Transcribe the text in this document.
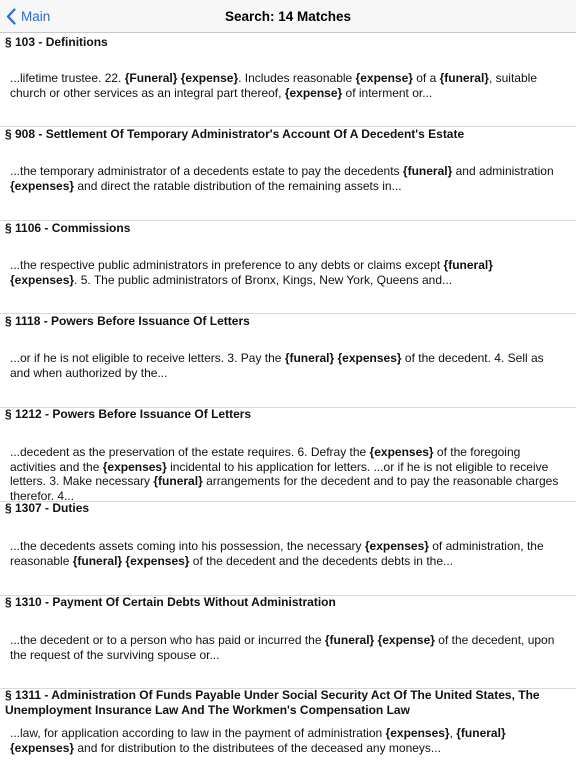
Main	Search: 14 Matches
§ 103 - Definitions
...lifetime trustee. 22. {Funeral} {expense}. Includes reasonable {expense} of a {funeral}, suitable church or other services as an integral part thereof, {expense} of interment or...
§ 908 - Settlement Of Temporary Administrator's Account Of A Decedent's Estate
...the temporary administrator of a decedents estate to pay the decedents {funeral} and administration {expenses} and direct the ratable distribution of the remaining assets in...
§ 1106 - Commissions
...the respective public administrators in preference to any debts or claims except {funeral} {expenses}. 5. The public administrators of Bronx, Kings, New York, Queens and...
§ 1118 - Powers Before Issuance Of Letters
...or if he is not eligible to receive letters. 3. Pay the {funeral} {expenses} of the decedent. 4. Sell as and when authorized by the...
§ 1212 - Powers Before Issuance Of Letters
...decedent as the preservation of the estate requires. 6. Defray the {expenses} of the foregoing activities and the {expenses} incidental to his application for letters. ...or if he is not eligible to receive letters. 3. Make necessary {funeral} arrangements for the decedent and to pay the reasonable charges therefor. 4...
§ 1307 - Duties
...the decedents assets coming into his possession, the necessary {expenses} of administration, the reasonable {funeral} {expenses} of the decedent and the decedents debts in the...
§ 1310 - Payment Of Certain Debts Without Administration
...the decedent or to a person who has paid or incurred the {funeral} {expense} of the decedent, upon the request of the surviving spouse or...
§ 1311 - Administration Of Funds Payable Under Social Security Act Of The United States, The Unemployment Insurance Law And The Workmen's Compensation Law
...law, for application according to law in the payment of administration {expenses}, {funeral} {expenses} and for distribution to the distributees of the deceased any moneys...
